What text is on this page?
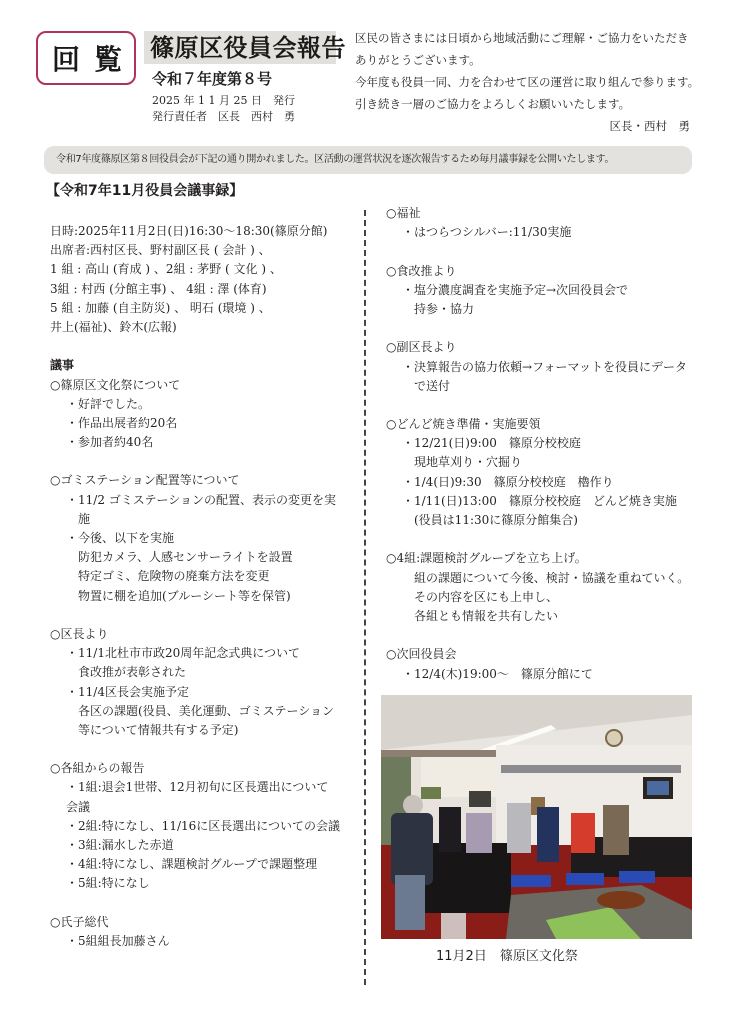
回 覧 篠原区役員会報告
令和７年度第８号
2025 年 1 1 月 25 日　発行
発行責任者　区長　西村　勇

区民の皆さまには日頃から地域活動にご理解・ご協力をいただき

ありがとうございます。

今年度も役員一同、力を合わせて区の運営に取り組んで参ります。

引き続き一層のご協力をよろしくお願いいたします。

区長・西村　勇

令和7年度篠原区第８回役員会が下記の通り開かれました。区活動の運営状況を逐次報告するため毎月議事録を公開いたします。
【令和7年11月役員会議事録】
日時:2025年11月2日(日)16:30～18:30(篠原分館)
出席者:西村区長、野村副区長 ( 会計 ) 、
1 組 : 高山 (育成 ) 、2組 : 茅野 ( 文化 ) 、
3組 : 村西 (分館主事) 、 4組 : 澤 (体育)
5 組 : 加藤 (自主防災) 、 明石 (環境 ) 、
井上(福祉)、鈴木(広報)
議事
○篠原区文化祭について
・好評でした。
・作品出展者約20名
・参加者約40名
○ゴミステーション配置等について
・11/2 ゴミステーションの配置、表示の変更を実
施
・今後、以下を実施
防犯カメラ、人感センサーライトを設置
特定ゴミ、危険物の廃棄方法を変更
物置に棚を追加(ブルーシート等を保管)
○区長より
・11/1北杜市市政20周年記念式典について
食改推が表彰された
・11/4区長会実施予定
各区の課題(役員、美化運動、ゴミステーション
等について情報共有する予定)
○各組からの報告
・1組:退会1世帯、12月初旬に区長選出について
会議
・2組:特になし、11/16に区長選出についての会議
・3組:漏水した赤道
・4組:特になし、課題検討グループで課題整理
・5組:特になし
○氏子総代
・5組組長加藤さん
○福祉
・はつらつシルバー:11/30実施
○食改推より
・塩分濃度調査を実施予定→次回役員会で
持参・協力
○副区長より
・決算報告の協力依頼→フォーマットを役員にデータ
で送付
○どんど焼き準備・実施要領
・12/21(日)9:00　篠原分校校庭
現地草刈り・穴掘り
・1/4(日)9:30　篠原分校校庭　櫓作り
・1/11(日)13:00　篠原分校校庭　どんど焼き実施
(役員は11:30に篠原分館集合)
○4組:課題検討グループを立ち上げ。
組の課題について今後、検討・協議を重ねていく。
その内容を区にも上申し、
各組とも情報を共有したい
○次回役員会
・12/4(木)19:00～　篠原分館にて
11月2日　篠原区文化祭
